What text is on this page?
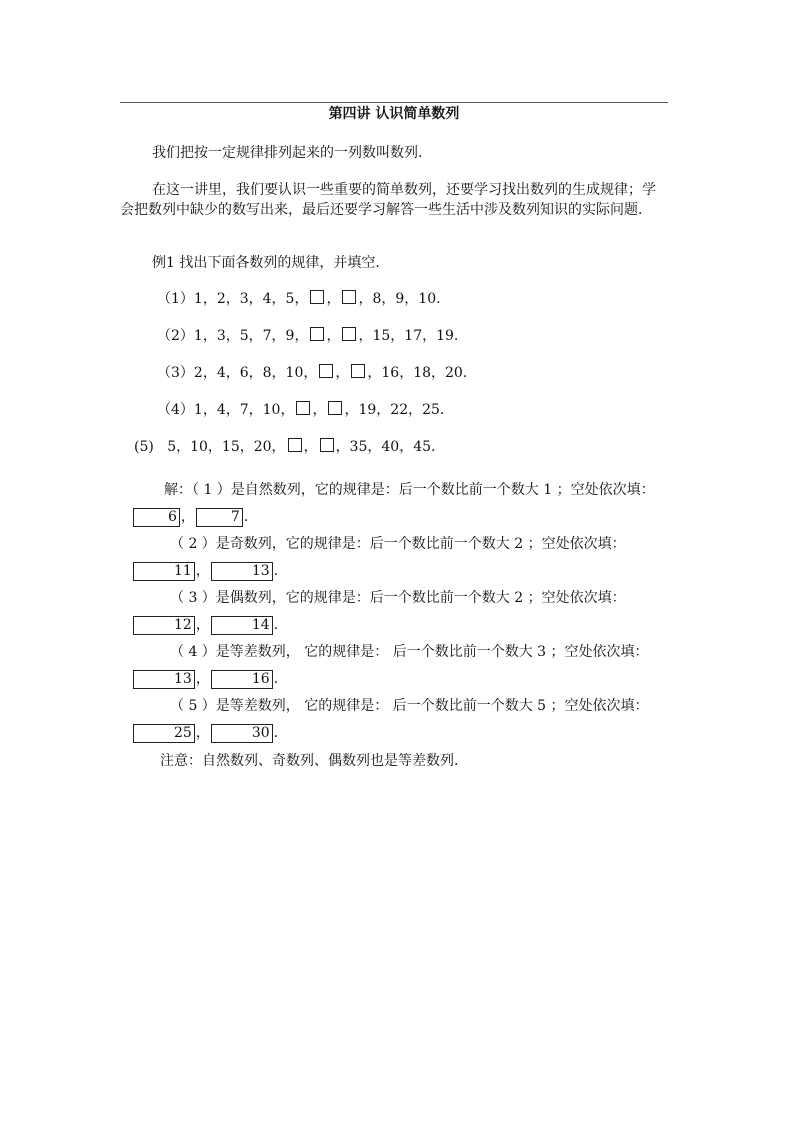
第四讲 认识简单数列
我们把按一定规律排列起来的一列数叫数列.
在这一讲里，我们要认识一些重要的简单数列，还要学习找出数列的生成规律；学会把数列中缺少的数写出来，最后还要学习解答一些生活中涉及数列知识的实际问题.
例1 找出下面各数列的规律，并填空.
（1）1，2，3，4，5， ， ，8，9，10.
（2）1，3，5，7，9， ， ，15，17，19.
（3）2，4，6，8，10， ， ，16，18，20.
（4）1，4，7，10， ， ，19，22，25.
(5) 5，10，15，20， ， ，35，40，45.
解：（ 1 ）是自然数列，它的规律是：后一个数比前一个数大 1 ；空处依次填：6 ，	7 .
（ 2 ）是奇数列，它的规律是：后一个数比前一个数大 2 ；空处依次填：11 ，	13 .
（ 3 ）是偶数列，它的规律是：后一个数比前一个数大 2 ；空处依次填：12 ，	14 .
（ 4 ）是等差数列， 它的规律是： 后一个数比前一个数大 3 ；空处依次填：13 ，	16 .
（ 5 ）是等差数列， 它的规律是： 后一个数比前一个数大 5 ；空处依次填：25 ，	30 .
注意：自然数列、奇数列、偶数列也是等差数列.
